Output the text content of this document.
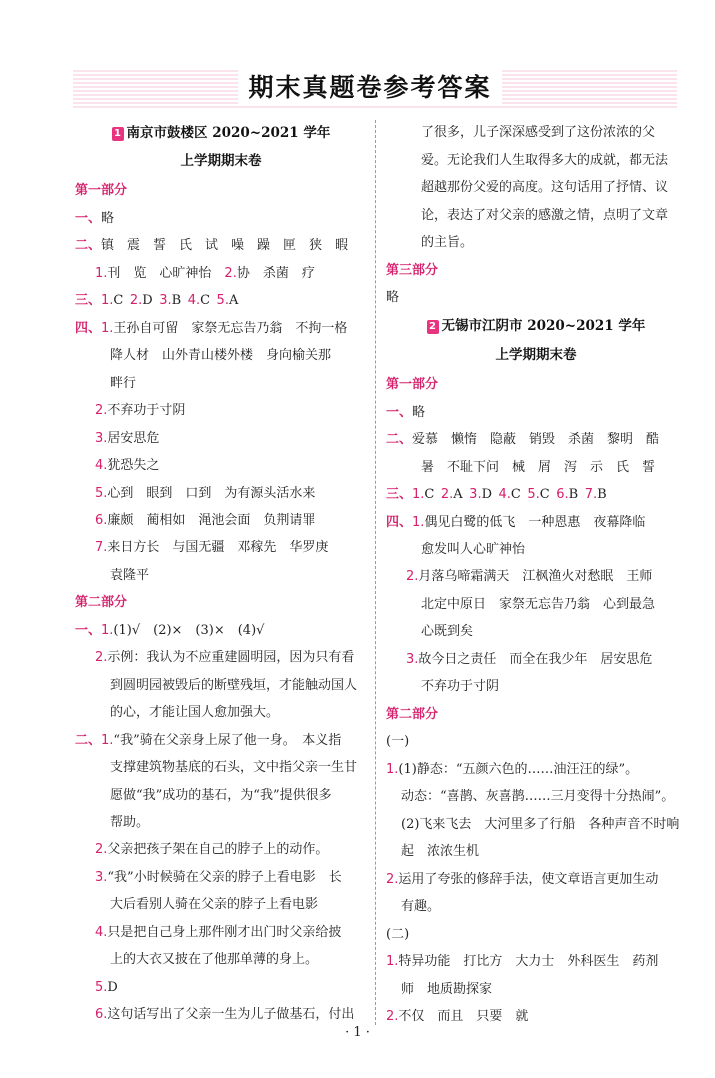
期末真题卷参考答案
1 南京市鼓楼区 2020~2021 学年
上学期期末卷
第一部分
一、略
二、镇　震　誓　氏　试　噪　躁　匣　狭　暇
1.刊　览　心旷神怡　2.协　杀菌　疗
三、1.C 2.D 3.B 4.C 5.A
四、1.王孙自可留　家祭无忘告乃翁　不拘一格
降人材　山外青山楼外楼　身向榆关那
畔行
2.不弃功于寸阴
3.居安思危
4.犹恐失之
5.心到　眼到　口到　为有源头活水来
6.廉颇　蔺相如　渑池会面　负荆请罪
7.来日方长　与国无疆　邓稼先　华罗庚
袁隆平
第二部分
一、1.(1)√　(2)×　(3)×　(4)√
2.示例：我认为不应重建圆明园，因为只有看
到圆明园被毁后的断壁残垣，才能触动国人
的心，才能让国人愈加强大。
二、1.“我”骑在父亲身上尿了他一身。　本义指
支撑建筑物基底的石头，文中指父亲一生甘
愿做“我”成功的基石，为“我”提供很多
帮助。
2.父亲把孩子架在自己的脖子上的动作。
3.“我”小时候骑在父亲的脖子上看电影　长
大后看别人骑在父亲的脖子上看电影
4.只是把自己身上那件刚才出门时父亲给披
上的大衣又披在了他那单薄的身上。
5.D
6.这句话写出了父亲一生为儿子做基石，付出
了很多，儿子深深感受到了这份浓浓的父
爱。无论我们人生取得多大的成就，都无法
超越那份父爱的高度。这句话用了抒情、议
论，表达了对父亲的感激之情，点明了文章
的主旨。
第三部分
略
2 无锡市江阴市 2020~2021 学年
上学期期末卷
第一部分
一、略
二、爱慕　懒惰　隐蔽　销毁　杀菌　黎明　酷
暑　不耻下问　械　屑　泻　示　氏　誓
三、1.C 2.A 3.D 4.C 5.C 6.B 7.B
四、1.偶见白鹭的低飞　一种恩惠　夜幕降临
愈发叫人心旷神怡
2.月落乌啼霜满天　江枫渔火对愁眠　王师
北定中原日　家祭无忘告乃翁　心到最急
心既到矣
3.故今日之责任　而全在我少年　居安思危
不弃功于寸阴
第二部分
(一)
1.(1)静态：“五颜六色的……油汪汪的绿”。
动态：“喜鹊、灰喜鹊……三月变得十分热闹”。
(2)飞来飞去　大河里多了行船　各种声音不时响
起　浓浓生机
2.运用了夸张的修辞手法，使文章语言更加生动
有趣。
(二)
1.特异功能　打比方　大力士　外科医生　药剂
师　地质勘探家
2.不仅　而且　只要　就
· 1 ·
